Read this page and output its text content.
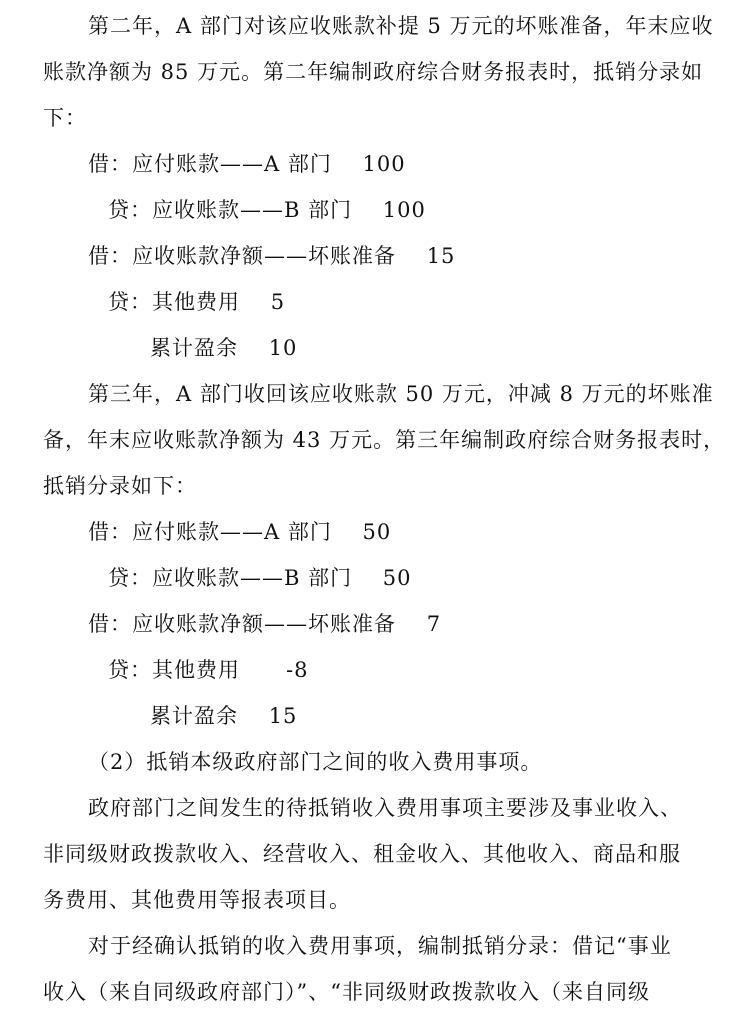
第二年，A 部门对该应收账款补提 5 万元的坏账准备，年末应收
账款净额为 85 万元。第二年编制政府综合财务报表时，抵销分录如
下：
借：应付账款——A 部门    100
贷：应收账款——B 部门    100
借：应收账款净额——坏账准备    15
贷：其他费用    5
累计盈余    10
第三年，A 部门收回该应收账款 50 万元，冲减 8 万元的坏账准
备，年末应收账款净额为 43 万元。第三年编制政府综合财务报表时，
抵销分录如下：
借：应付账款——A 部门    50
贷：应收账款——B 部门    50
借：应收账款净额——坏账准备    7
贷：其他费用      -8
累计盈余    15
（2）抵销本级政府部门之间的收入费用事项。
政府部门之间发生的待抵销收入费用事项主要涉及事业收入、
非同级财政拨款收入、经营收入、租金收入、其他收入、商品和服
务费用、其他费用等报表项目。
对于经确认抵销的收入费用事项，编制抵销分录：借记“事业
收入（来自同级政府部门）”、“非同级财政拨款收入（来自同级
